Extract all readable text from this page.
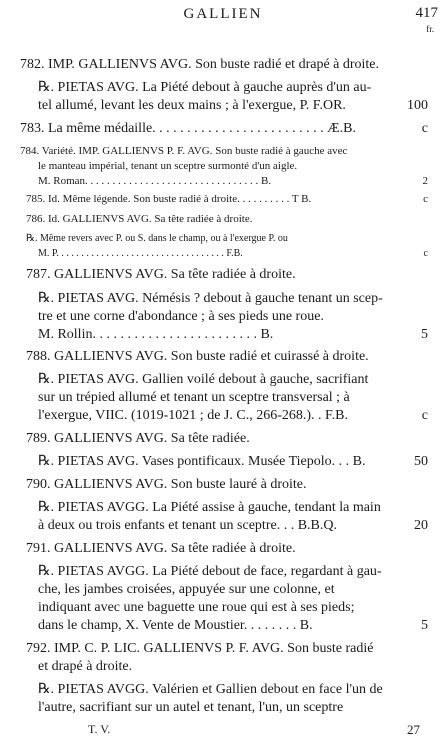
GALLIEN	417
fr.
782. IMP. GALLIENVS AVG. Son buste radié et drapé à droite.
℞. PIETAS AVG. La Piété debout à gauche auprès d'un au-
tel allumé, levant les deux mains ; à l'exergue, P. F.OR.	100
783. La même médaille. . . . . . . . . . . . . . . . . . . . . . . . . Æ.B.	c
784. Variété. IMP. GALLIENVS P. F. AVG. Son buste radié à gauche avec
le manteau impérial, tenant un sceptre surmonté d'un aigle.
M. Roman. . . . . . . . . . . . . . . . . . . . . . . . . . . . . . . . B.	2
785. Id. Même légende. Son buste radié à droite. . . . . . . . . . T B.	c
786. Id. GALLIENVS AVG. Sa tête radiée à droite.
℞. Même revers avec P. ou S. dans le champ, ou à l'exergue P. ou
M. P. . . . . . . . . . . . . . . . . . . . . . . . . . . . . . . . . . F.B.	c
787. GALLIENVS AVG. Sa tête radiée à droite.
℞. PIETAS AVG. Némésis ? debout à gauche tenant un scep-
tre et une corne d'abondance ; à ses pieds une roue.
M. Rollin. . . . . . . . . . . . . . . . . . . . . . . . B.	5
788. GALLIENVS AVG. Son buste radié et cuirassé à droite.
℞. PIETAS AVG. Gallien voilé debout à gauche, sacrifiant
sur un trépied allumé et tenant un sceptre transversal ; à
l'exergue, VIIC. (1019-1021 ; de J. C., 266-268.). . F.B.	c
789. GALLIENVS AVG. Sa tête radiée.
℞. PIETAS AVG. Vases pontificaux. Musée Tiepolo. . . B.	50
790. GALLIENVS AVG. Son buste lauré à droite.
℞. PIETAS AVGG. La Piété assise à gauche, tendant la main
à deux ou trois enfants et tenant un sceptre. . . B.B.Q.	20
791. GALLIENVS AVG. Sa tête radiée à droite.
℞. PIETAS AVGG. La Piété debout de face, regardant à gau-
che, les jambes croisées, appuyée sur une colonne, et
indiquant avec une baguette une roue qui est à ses pieds;
dans le champ, X. Vente de Moustier. . . . . . . . B.	5
792. IMP. C. P. LIC. GALLIENVS P. F. AVG. Son buste radié
et drapé à droite.
℞. PIETAS AVGG. Valérien et Gallien debout en face l'un de
l'autre, sacrifiant sur un autel et tenant, l'un, un sceptre
T. V.	27
